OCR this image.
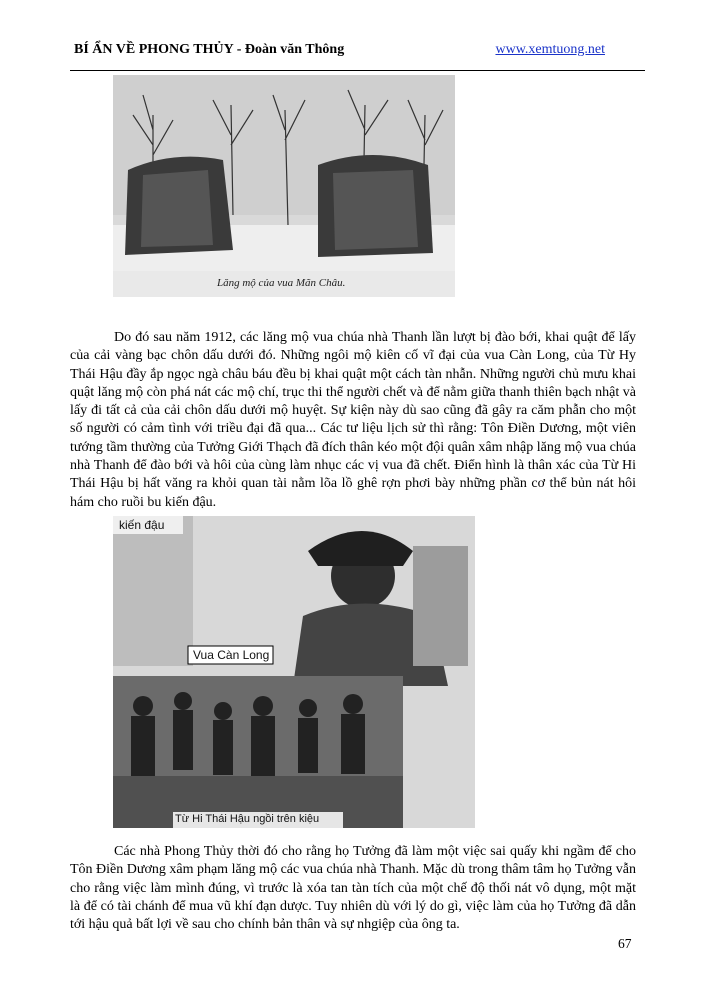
BÍ ẨN VỀ PHONG THỦY - Đoàn văn Thông	www.xemtuong.net
Lăng mộ của vua Mãn Châu.

Do đó sau năm 1912, các lăng mộ vua chúa nhà Thanh lần lượt bị đào bới, khai quật để lấy của cải vàng bạc chôn dấu dưới đó. Những ngôi mộ kiên cố vĩ đại của vua Càn Long, của Từ Hy Thái Hậu đầy ắp ngọc ngà châu báu đều bị khai quật một cách tàn nhẫn. Những người chủ mưu khai quật lăng mộ còn phá nát các mộ chí, trục thi thể người chết và để nằm giữa thanh thiên bạch nhật và lấy đi tất cả của cải chôn dấu dưới mộ huyệt. Sự kiện này dù sao cũng đã gây ra căm phẫn cho một số người có cảm tình với triều đại đã qua... Các tư liệu lịch sử thì rằng: Tôn Điền Dương, một viên tướng tầm thường của Tưởng Giới Thạch đã đích thân kéo một đội quân xâm nhập lăng mộ vua chúa nhà Thanh để đào bới và hôi của cùng làm nhục các vị vua đã chết. Điển hình là thân xác của Từ Hi Thái Hậu bị hất văng ra khỏi quan tài nằm lõa lồ ghê rợn phơi bày những phần cơ thể bủn nát hôi hám cho ruồi bu kiến đậu.

kiến đậu
Vua Càn Long
Từ Hi Thái Hậu ngồi trên kiệu

Các nhà Phong Thủy thời đó cho rằng họ Tưởng đã làm một việc sai quấy khi ngầm để cho Tôn Điền Dương xâm phạm lăng mộ các vua chúa nhà Thanh. Mặc dù trong thâm tâm họ Tưởng vẫn cho rằng việc làm mình đúng, vì trước là xóa tan tàn tích của một chế độ thối nát vô dụng, một mặt là để có tài chánh để mua vũ khí đạn dược. Tuy nhiên dù với lý do gì, việc làm của họ Tưởng đã dẫn tới hậu quả bất lợi về sau cho chính bản thân và sự nhgiệp của ông ta.

67
